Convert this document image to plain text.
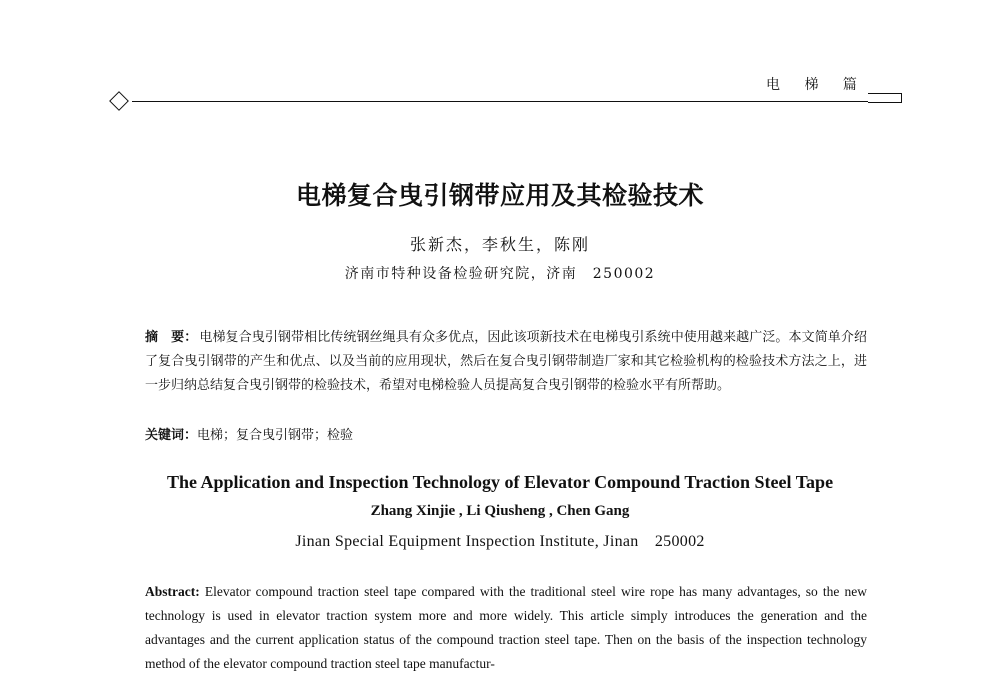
电 梯 篇
电梯复合曳引钢带应用及其检验技术
张新杰，李秋生，陈刚
济南市特种设备检验研究院，济南　250002
摘　要： 电梯复合曳引钢带相比传统钢丝绳具有众多优点，因此该项新技术在电梯曳引系统中使用越来越广泛。本文简单介绍了复合曳引钢带的产生和优点、以及当前的应用现状，然后在复合曳引钢带制造厂家和其它检验机构的检验技术方法之上，进一步归纳总结复合曳引钢带的检验技术，希望对电梯检验人员提高复合曳引钢带的检验水平有所帮助。
关键词：电梯；复合曳引钢带；检验
The Application and Inspection Technology of Elevator Compound Traction Steel Tape
Zhang Xinjie , Li Qiusheng , Chen Gang
Jinan Special Equipment Inspection Institute, Jinan　250002
Abstract: Elevator compound traction steel tape compared with the traditional steel wire rope has many advantages, so the new technology is used in elevator traction system more and more widely. This article simply introduces the generation and the advantages and the current application status of the compound traction steel tape. Then on the basis of the inspection technology method of the elevator compound traction steel tape manufactur-
